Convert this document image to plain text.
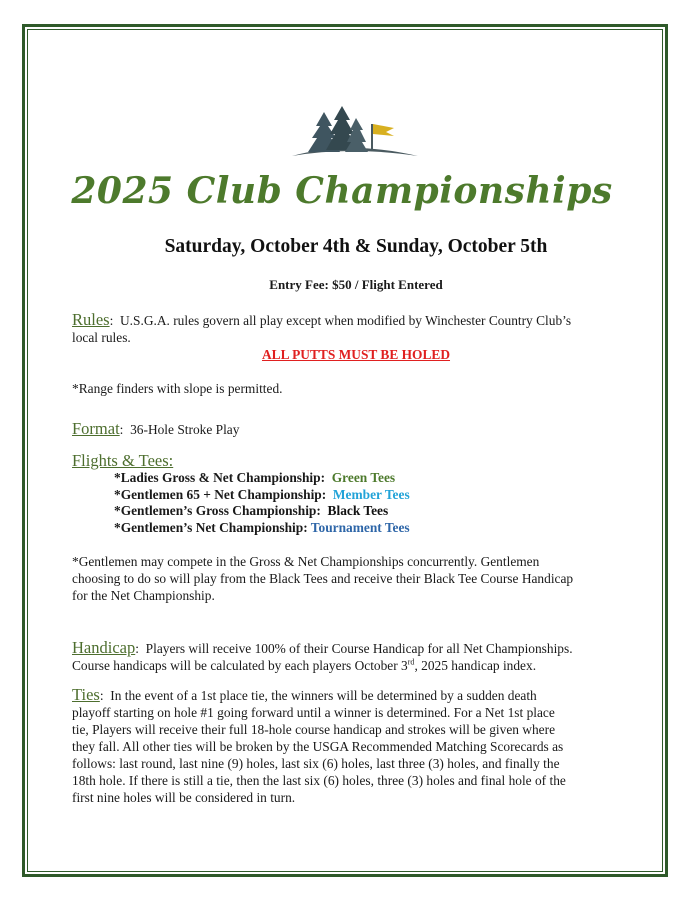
2025 Club Championships
Saturday, October 4th & Sunday, October 5th
Entry Fee: $50 / Flight Entered
Rules:  U.S.G.A. rules govern all play except when modified by Winchester Country Club’s
local rules.
ALL PUTTS MUST BE HOLED
*Range finders with slope is permitted.
Format:  36-Hole Stroke Play
Flights & Tees:
*Ladies Gross & Net Championship: Green Tees
*Gentlemen 65 + Net Championship: Member Tees
*Gentlemen’s Gross Championship: Black Tees
*Gentlemen’s Net Championship: Tournament Tees
*Gentlemen may compete in the Gross & Net Championships concurrently. Gentlemen
choosing to do so will play from the Black Tees and receive their Black Tee Course Handicap
for the Net Championship.
Handicap:  Players will receive 100% of their Course Handicap for all Net Championships.
Course handicaps will be calculated by each players October 3rd, 2025 handicap index.
Ties:  In the event of a 1st place tie, the winners will be determined by a sudden death
playoff starting on hole #1 going forward until a winner is determined. For a Net 1st place
tie, Players will receive their full 18-hole course handicap and strokes will be given where
they fall. All other ties will be broken by the USGA Recommended Matching Scorecards as
follows: last round, last nine (9) holes, last six (6) holes, last three (3) holes, and finally the
18th hole. If there is still a tie, then the last six (6) holes, three (3) holes and final hole of the
first nine holes will be considered in turn.
